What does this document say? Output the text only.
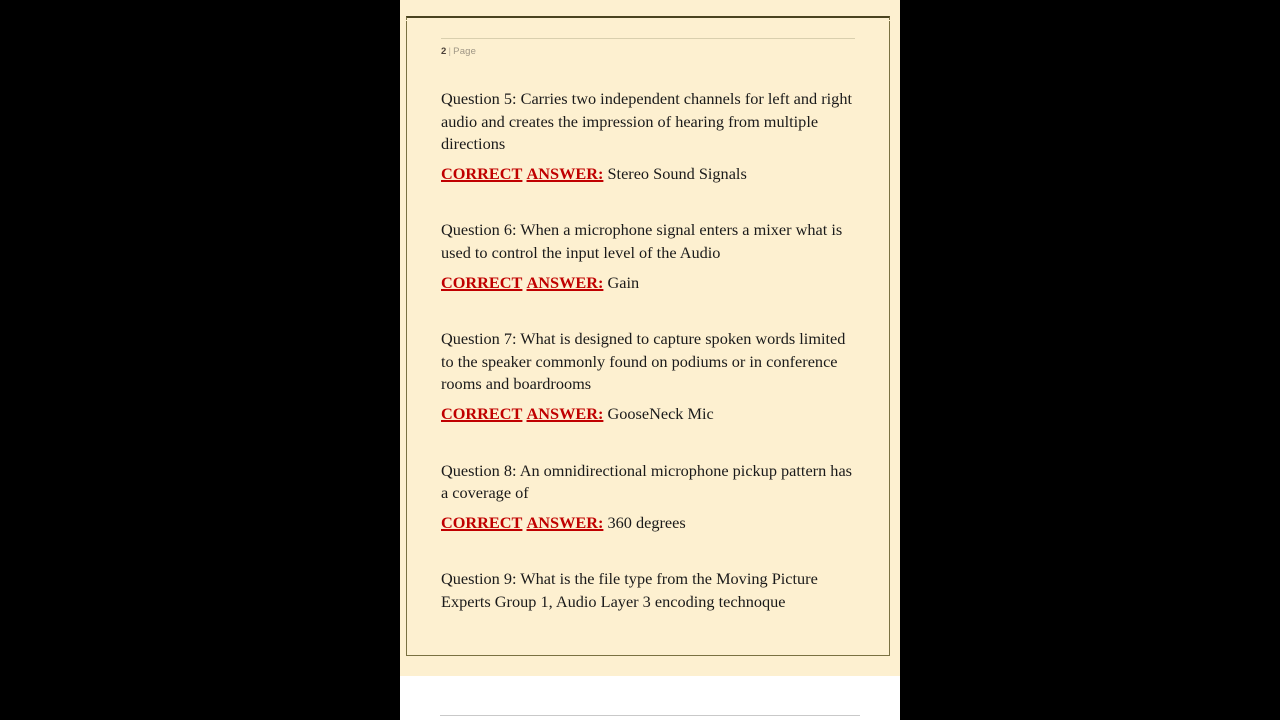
2 | Page

Question 5: Carries two independent channels for left and right audio and creates the impression of hearing from multiple directions

CORRECT ANSWER: Stereo Sound Signals

Question 6: When a microphone signal enters a mixer what is used to control the input level of the Audio

CORRECT ANSWER: Gain

Question 7: What is designed to capture spoken words limited to the speaker commonly found on podiums or in conference rooms and boardrooms

CORRECT ANSWER: GooseNeck Mic

Question 8: An omnidirectional microphone pickup pattern has a coverage of

CORRECT ANSWER: 360 degrees

Question 9: What is the file type from the Moving Picture Experts Group 1, Audio Layer 3 encoding technoque
